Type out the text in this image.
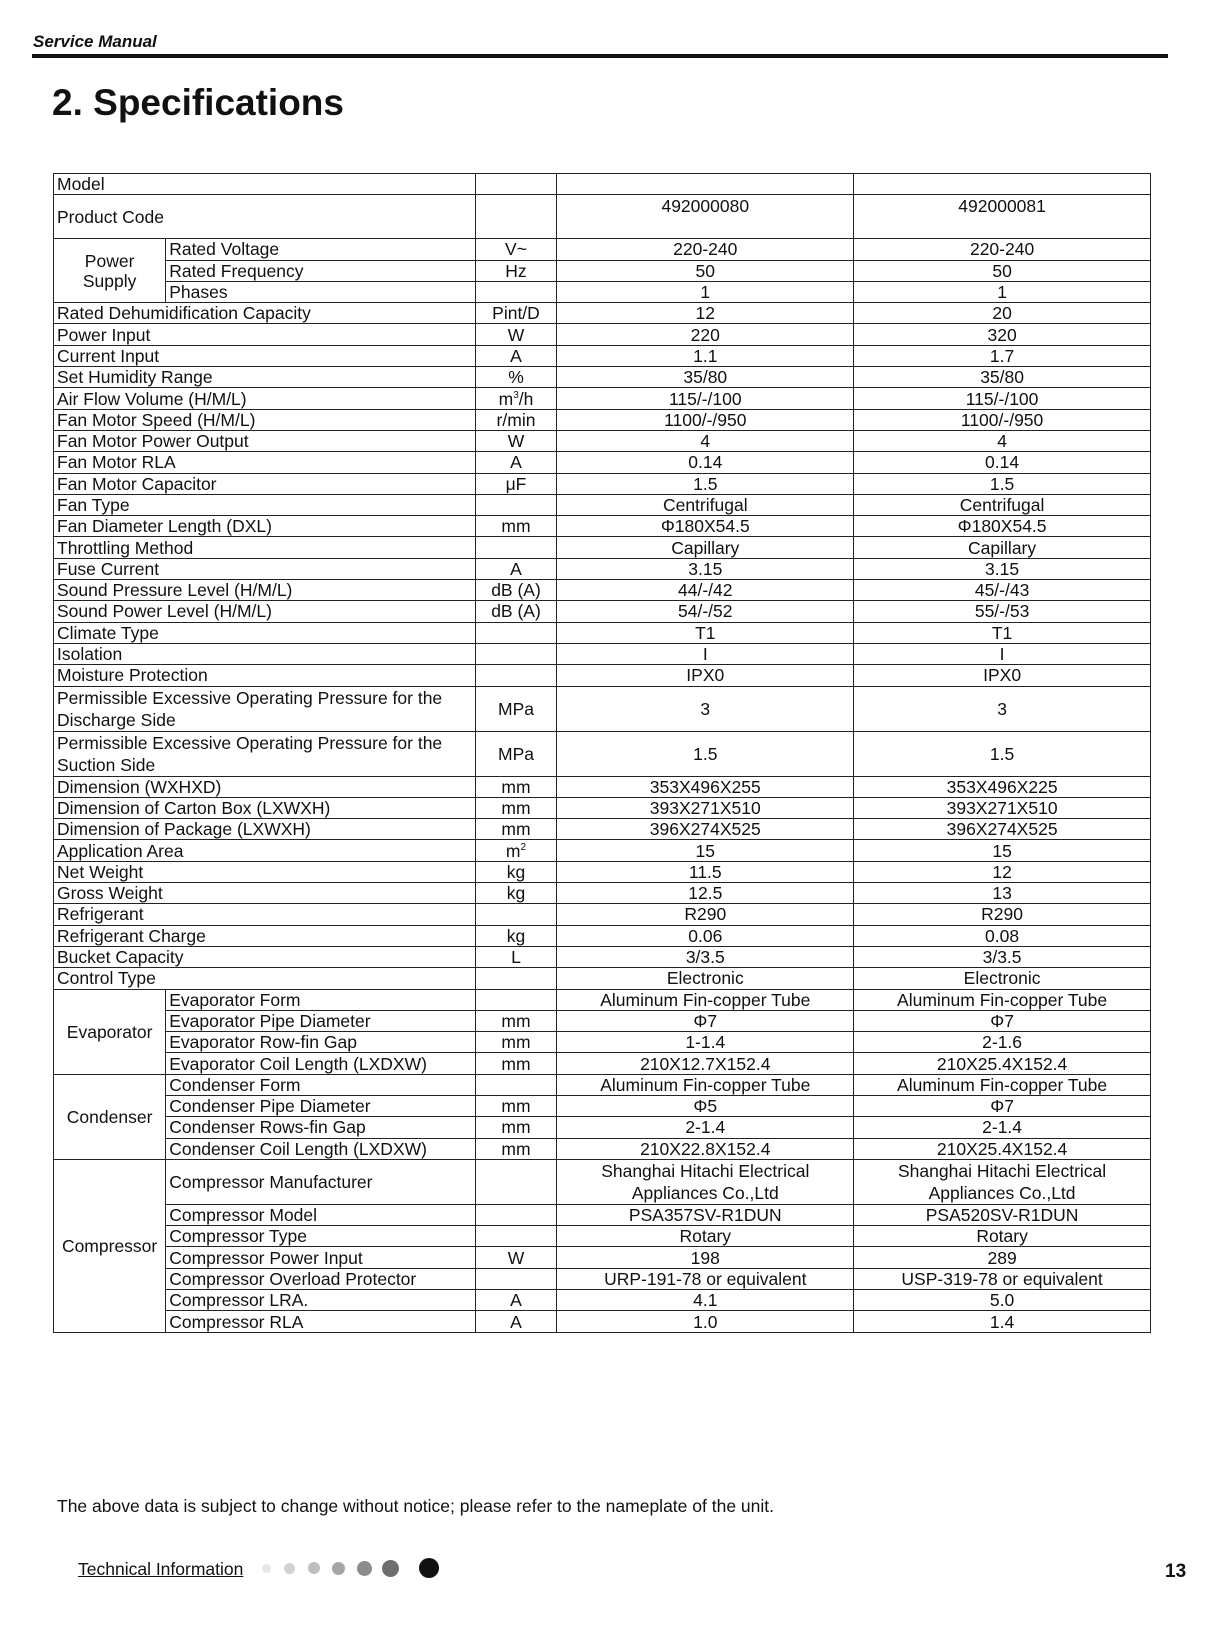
Service Manual
2. Specifications
Model				
Product Code			492000080	492000081
Power Supply	Rated Voltage	V~	220-240	220-240
	Rated Frequency	Hz	50	50
	Phases		1	1
Rated Dehumidification Capacity		Pint/D	12	20
Power Input		W	220	320
Current Input		A	1.1	1.7
Set Humidity Range		%	35/80	35/80
Air Flow Volume (H/M/L)		$m^3/h$	115/-/100	115/-/100
Fan Motor Speed (H/M/L)		r/min	1100/-/950	1100/-/950
Fan Motor Power Output		W	4	4
Fan Motor RLA		A	0.14	0.14
Fan Motor Capacitor		μF	1.5	1.5
Fan Type			Centrifugal	Centrifugal
Fan Diameter Length (DXL)		mm	Φ180X54.5	Φ180X54.5
Throttling Method			Capillary	Capillary
Fuse Current		A	3.15	3.15
Sound Pressure Level (H/M/L)		dB (A)	44/-/42	45/-/43
Sound Power Level (H/M/L)		dB (A)	54/-/52	55/-/53
Climate Type			T1	T1
Isolation			I	I
Moisture Protection			IPX0	IPX0
Permissible Excessive Operating Pressure for the Discharge Side		MPa	3	3
Permissible Excessive Operating Pressure for the Suction Side		MPa	1.5	1.5
Dimension (WXHXD)		mm	353X496X255	353X496X225
Dimension of Carton Box (LXWXH)		mm	393X271X510	393X271X510
Dimension of Package (LXWXH)		mm	396X274X525	396X274X525
Application Area		$m^2$	15	15
Net Weight		kg	11.5	12
Gross Weight		kg	12.5	13
Refrigerant			R290	R290
Refrigerant Charge		kg	0.06	0.08
Bucket Capacity		L	3/3.5	3/3.5
Control Type			Electronic	Electronic
Evaporator	Evaporator Form		Aluminum Fin-copper Tube	Aluminum Fin-copper Tube
	Evaporator Pipe Diameter	mm	Φ7	Φ7
	Evaporator Row-fin Gap	mm	1-1.4	2-1.6
	Evaporator Coil Length (LXDXW)	mm	210X12.7X152.4	210X25.4X152.4
Condenser	Condenser Form		Aluminum Fin-copper Tube	Aluminum Fin-copper Tube
	Condenser Pipe Diameter	mm	Φ5	Φ7
	Condenser Rows-fin Gap	mm	2-1.4	2-1.4
	Condenser Coil Length (LXDXW)	mm	210X22.8X152.4	210X25.4X152.4
Compressor	Compressor Manufacturer		Shanghai Hitachi Electrical Appliances Co.,Ltd	Shanghai Hitachi Electrical Appliances Co.,Ltd
	Compressor Model		PSA357SV-R1DUN	PSA520SV-R1DUN
	Compressor Type		Rotary	Rotary
	Compressor Power Input	W	198	289
	Compressor Overload Protector		URP-191-78 or equivalent	USP-319-78 or equivalent
	Compressor LRA.	A	4.1	5.0
	Compressor RLA	A	1.0	1.4
The above data is subject to change without notice; please refer to the nameplate of the unit.
Technical Information	13
